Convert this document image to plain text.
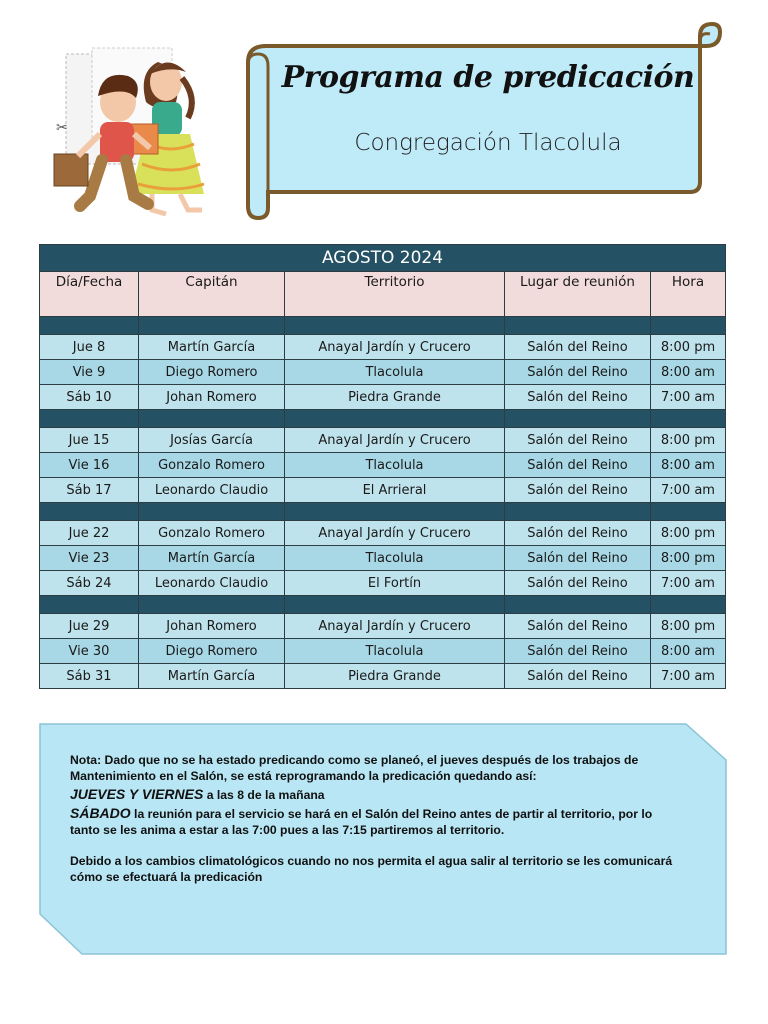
✂
Programa de predicación
Congregación Tlacolula
AGOSTO 2024				
Día/Fecha	Capitán	Territorio	Lugar de reunión	Hora

Jue 8	Martín García	Anayal Jardín y Crucero	Salón del Reino	8:00 pm
Vie 9	Diego Romero	Tlacolula	Salón del Reino	8:00 am
Sáb 10	Johan Romero	Piedra Grande	Salón del Reino	7:00 am

Jue 15	Josías García	Anayal Jardín y Crucero	Salón del Reino	8:00 pm
Vie 16	Gonzalo Romero	Tlacolula	Salón del Reino	8:00 am
Sáb 17	Leonardo Claudio	El Arrieral	Salón del Reino	7:00 am

Jue 22	Gonzalo Romero	Anayal Jardín y Crucero	Salón del Reino	8:00 pm
Vie 23	Martín García	Tlacolula	Salón del Reino	8:00 pm
Sáb 24	Leonardo Claudio	El Fortín	Salón del Reino	7:00 am

Jue 29	Johan Romero	Anayal Jardín y Crucero	Salón del Reino	8:00 pm
Vie 30	Diego Romero	Tlacolula	Salón del Reino	8:00 am
Sáb 31	Martín García	Piedra Grande	Salón del Reino	7:00 am

Nota: Dado que no se ha estado predicando como se planeó, el jueves después de los trabajos de

Mantenimiento en el Salón, se está reprogramando la predicación quedando así:

JUEVES Y VIERNES a las 8 de la mañana

SÁBADO la reunión para el servicio se hará en el Salón del Reino antes de partir al territorio, por lo

tanto se les anima a estar a las 7:00 pues a las 7:15 partiremos al territorio.

Debido a los cambios climatológicos cuando no nos permita el agua salir al territorio se les comunicará

cómo se efectuará la predicación
